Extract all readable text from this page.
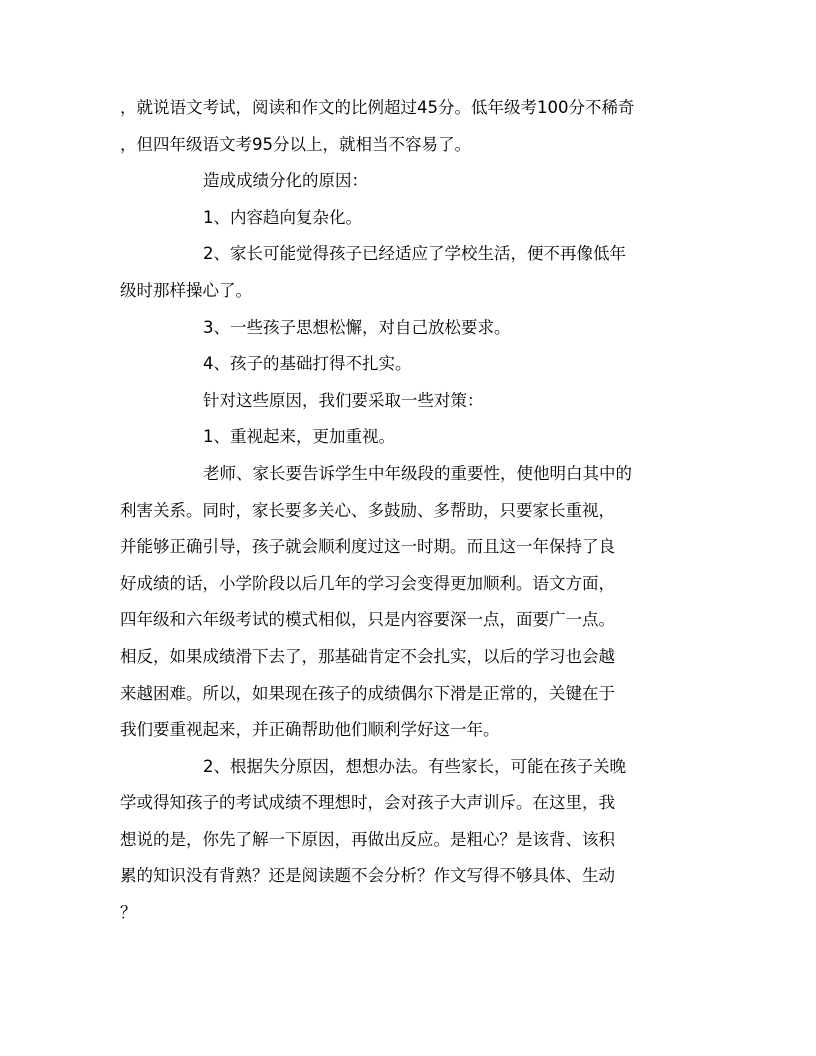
，就说语文考试，阅读和作文的比例超过45分。低年级考100分不稀奇
，但四年级语文考95分以上，就相当不容易了。
造成成绩分化的原因：
1、内容趋向复杂化。
2、家长可能觉得孩子已经适应了学校生活，便不再像低年
级时那样操心了。
3、一些孩子思想松懈，对自己放松要求。
4、孩子的基础打得不扎实。
针对这些原因，我们要采取一些对策：
1、重视起来，更加重视。
老师、家长要告诉学生中年级段的重要性，使他明白其中的
利害关系。同时，家长要多关心、多鼓励、多帮助，只要家长重视，
并能够正确引导，孩子就会顺利度过这一时期。而且这一年保持了良
好成绩的话，小学阶段以后几年的学习会变得更加顺利。语文方面，
四年级和六年级考试的模式相似，只是内容要深一点，面要广一点。
相反，如果成绩滑下去了，那基础肯定不会扎实，以后的学习也会越
来越困难。所以，如果现在孩子的成绩偶尔下滑是正常的，关键在于
我们要重视起来，并正确帮助他们顺利学好这一年。
2、根据失分原因，想想办法。有些家长，可能在孩子关晚
学或得知孩子的考试成绩不理想时，会对孩子大声训斥。在这里，我
想说的是，你先了解一下原因，再做出反应。是粗心？是该背、该积
累的知识没有背熟？还是阅读题不会分析？作文写得不够具体、生动
？
